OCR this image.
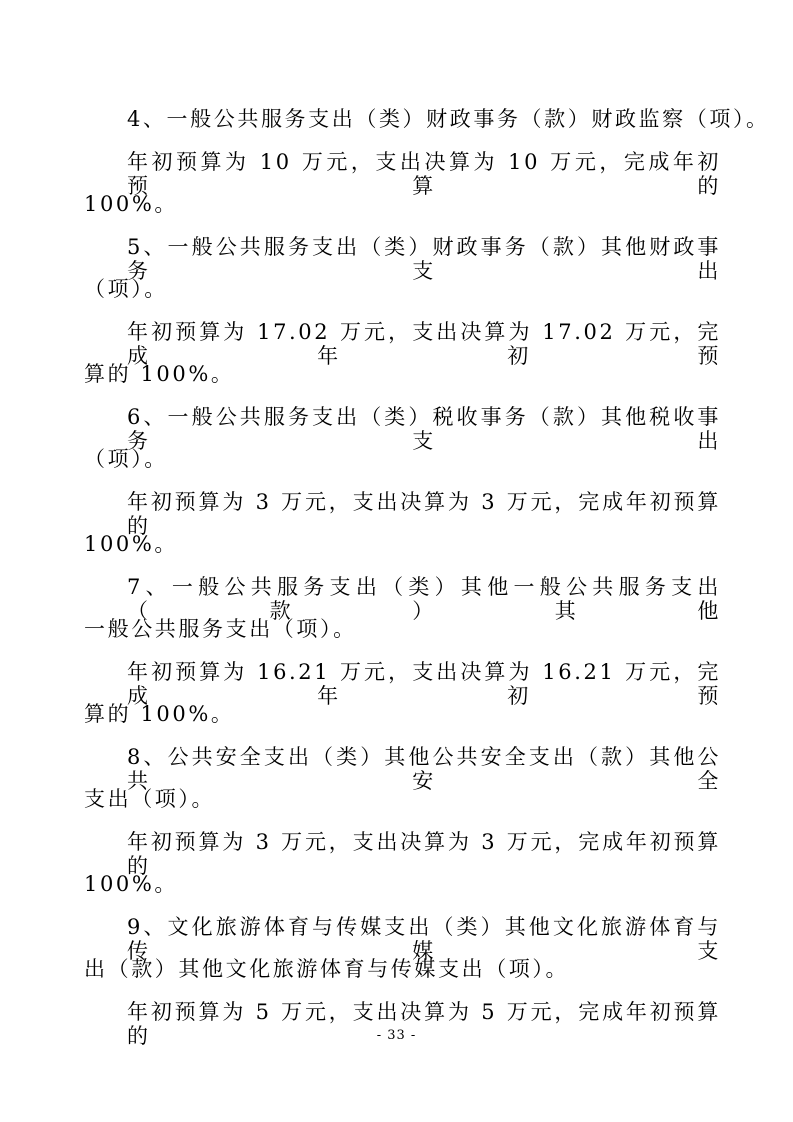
4、一般公共服务支出（类）财政事务（款）财政监察（项）。
年初预算为 10 万元，支出决算为 10 万元，完成年初预算的
100%。
5、一般公共服务支出（类）财政事务（款）其他财政事务支出
（项）。
年初预算为 17.02 万元，支出决算为 17.02 万元，完成年初预
算的 100%。
6、一般公共服务支出（类）税收事务（款）其他税收事务支出
（项）。
年初预算为 3 万元，支出决算为 3 万元，完成年初预算的
100%。
7、一般公共服务支出（类）其他一般公共服务支出（款）其他
一般公共服务支出（项）。
年初预算为 16.21 万元，支出决算为 16.21 万元，完成年初预
算的 100%。
8、公共安全支出（类）其他公共安全支出（款）其他公共安全
支出（项）。
年初预算为 3 万元，支出决算为 3 万元，完成年初预算的
100%。
9、文化旅游体育与传媒支出（类）其他文化旅游体育与传媒支
出（款）其他文化旅游体育与传媒支出（项）。
年初预算为 5 万元，支出决算为 5 万元，完成年初预算的	- 33 -
